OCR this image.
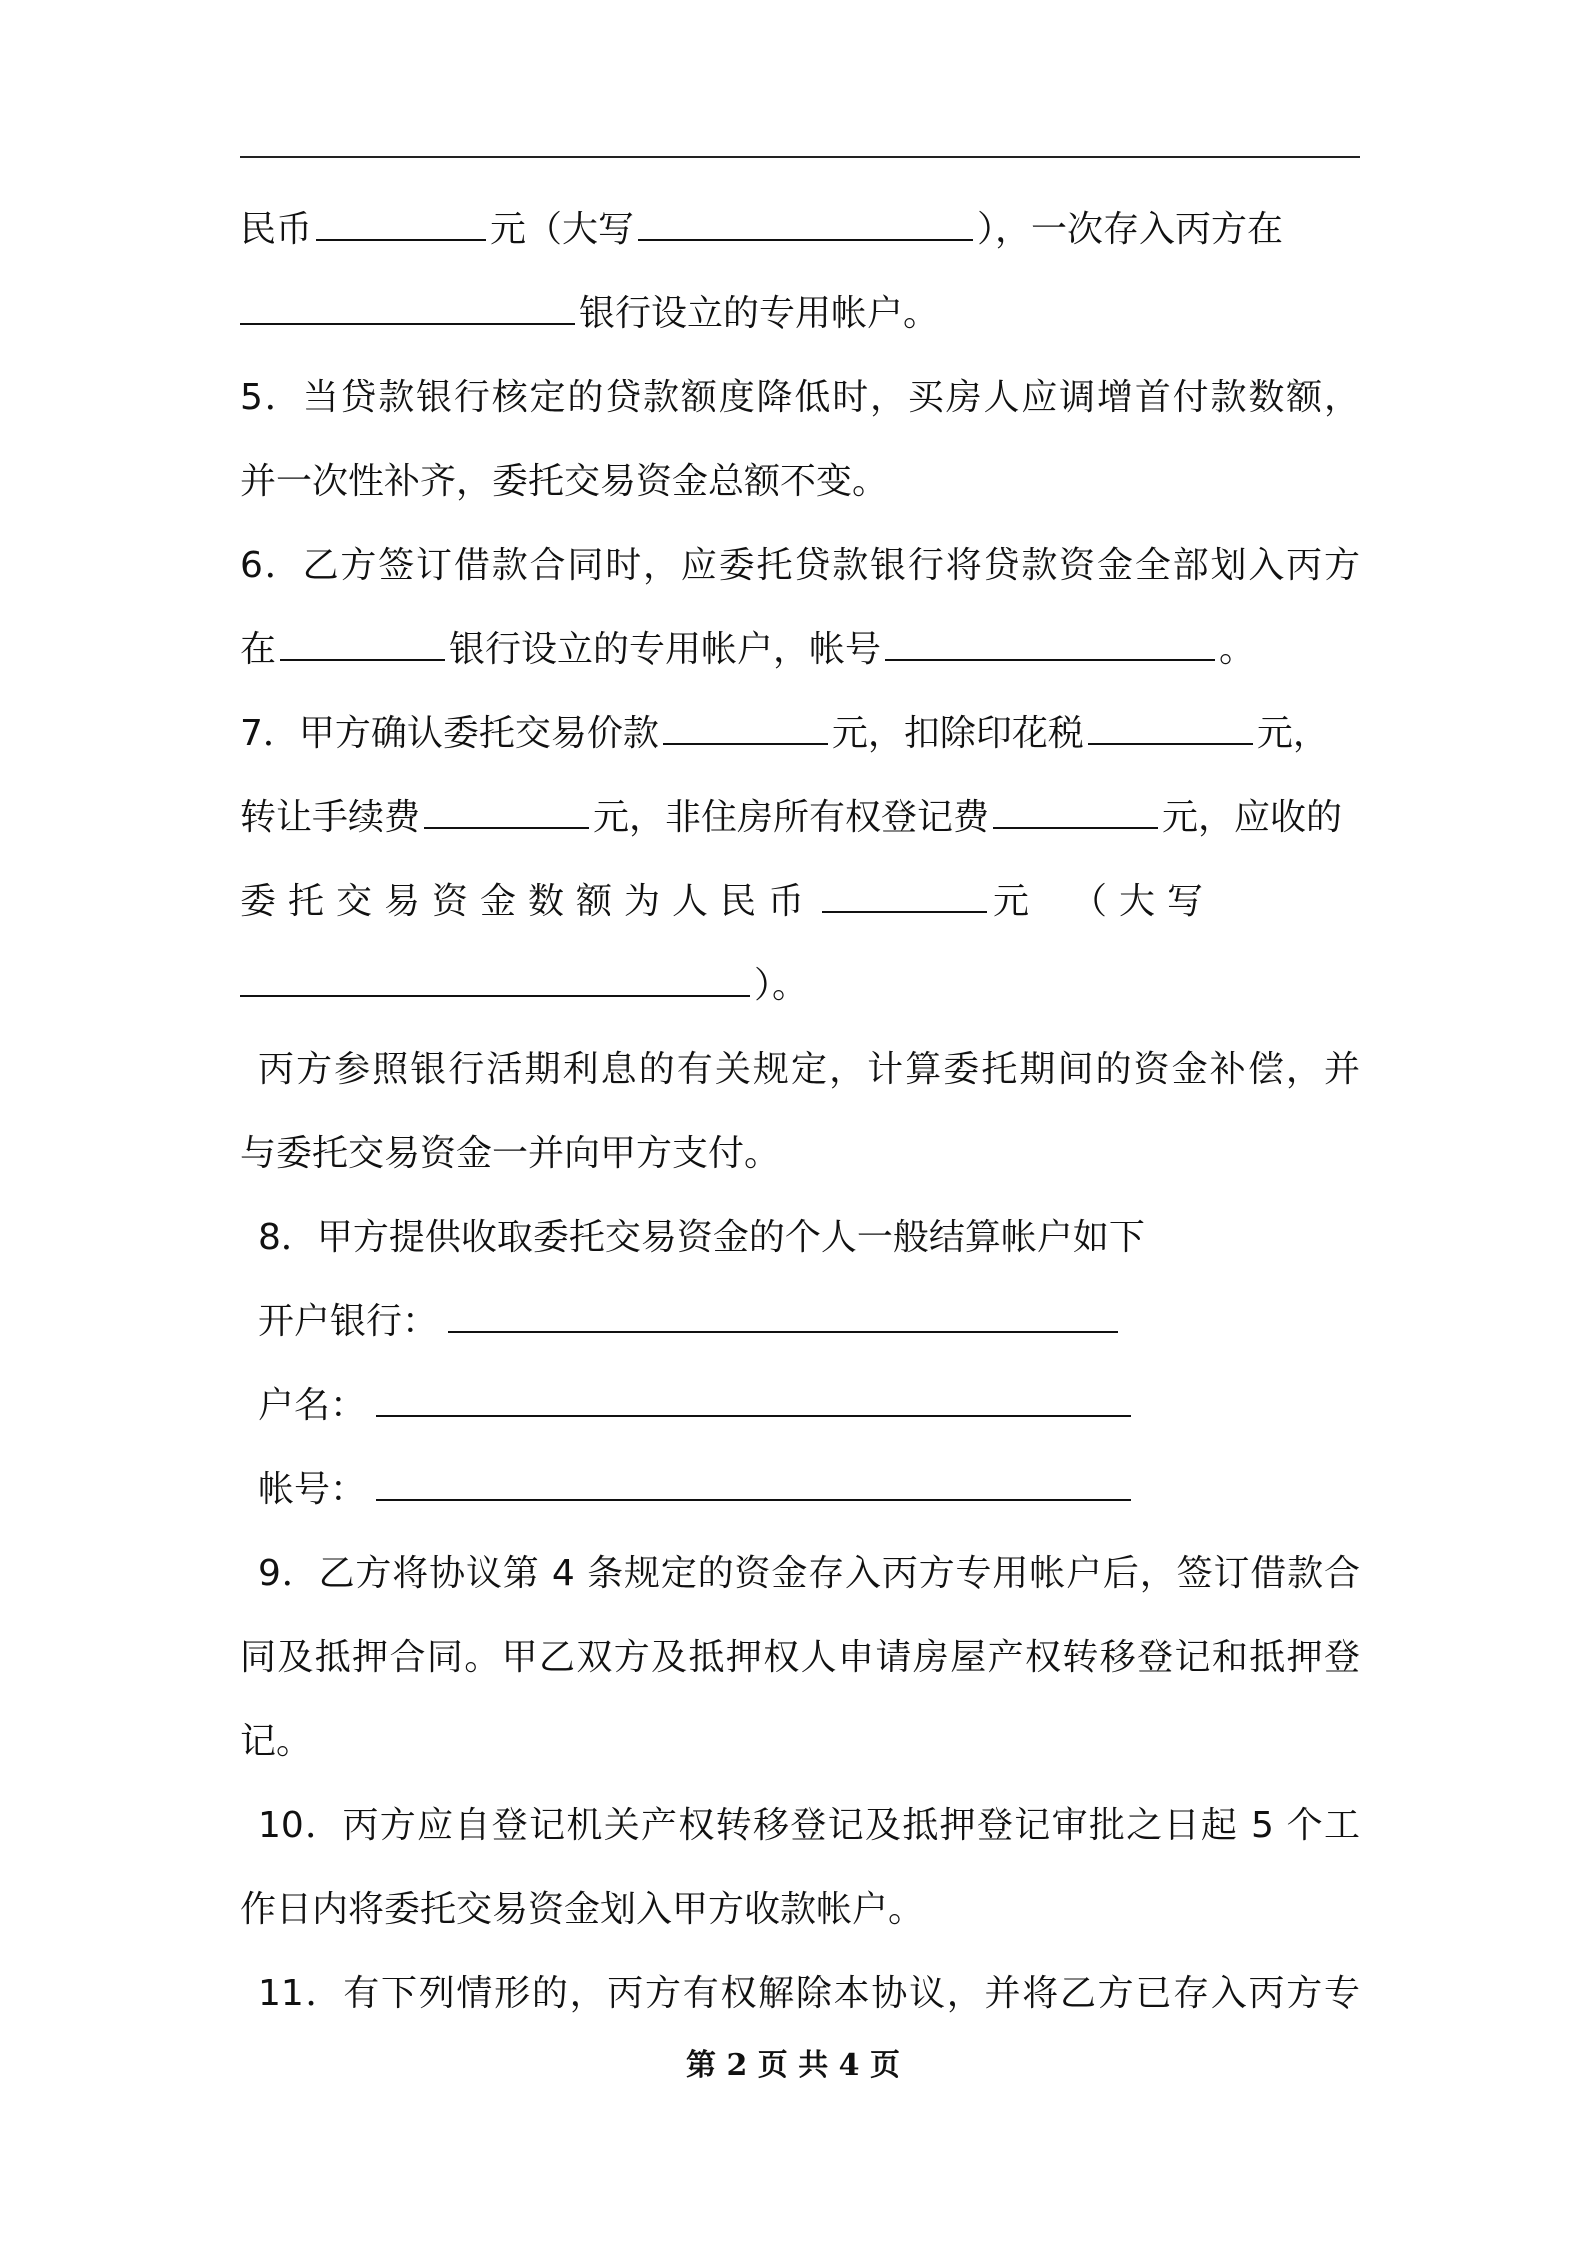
民币	元（大写	），一次存入丙方在
银行设立的专用帐户。
5．当贷款银行核定的贷款额度降低时，买房人应调增首付款数额，
并一次性补齐，委托交易资金总额不变。
6．乙方签订借款合同时，应委托贷款银行将贷款资金全部划入丙方
在	银行设立的专用帐户，帐号	。
7．甲方确认委托交易价款	元，扣除印花税	元，
转让手续费	元，非住房所有权登记费	元，应收的
委托交易资金数额为人民币	元　（大写
）。
丙方参照银行活期利息的有关规定，计算委托期间的资金补偿，并
与委托交易资金一并向甲方支付。
8．甲方提供收取委托交易资金的个人一般结算帐户如下
开户银行：
户名：
帐号：
9．乙方将协议第 4 条规定的资金存入丙方专用帐户后，签订借款合
同及抵押合同。甲乙双方及抵押权人申请房屋产权转移登记和抵押登
记。
10．丙方应自登记机关产权转移登记及抵押登记审批之日起 5 个工
作日内将委托交易资金划入甲方收款帐户。
11．有下列情形的，丙方有权解除本协议，并将乙方已存入丙方专
第 2 页 共 4 页
